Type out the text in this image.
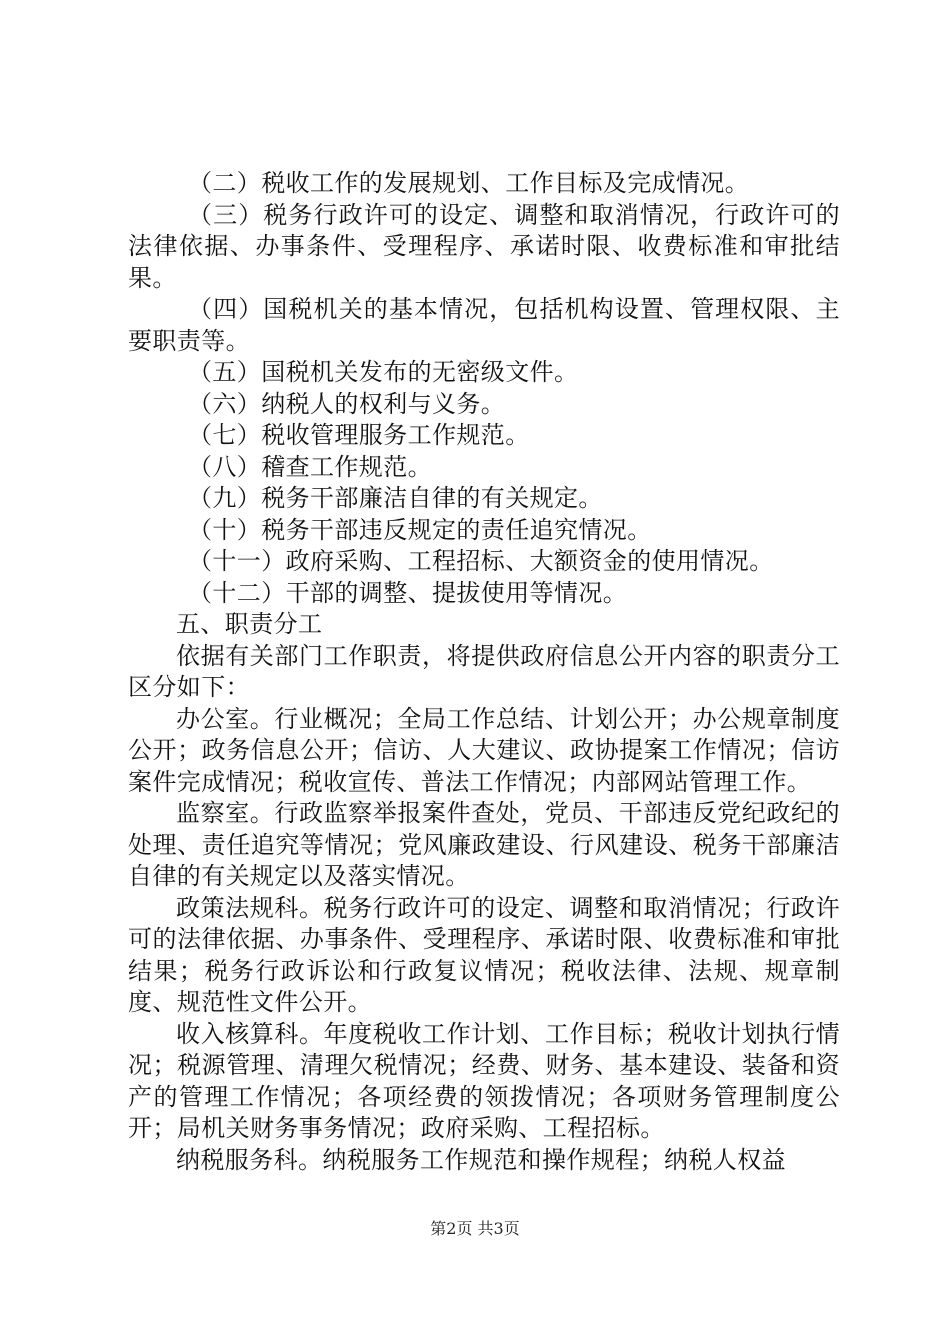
（二）税收工作的发展规划、工作目标及完成情况。

（三）税务行政许可的设定、调整和取消情况，行政许可的法律依据、办事条件、受理程序、承诺时限、收费标准和审批结果。

（四）国税机关的基本情况，包括机构设置、管理权限、主要职责等。

（五）国税机关发布的无密级文件。

（六）纳税人的权利与义务。

（七）税收管理服务工作规范。

（八）稽查工作规范。

（九）税务干部廉洁自律的有关规定。

（十）税务干部违反规定的责任追究情况。

（十一）政府采购、工程招标、大额资金的使用情况。

（十二）干部的调整、提拔使用等情况。

五、职责分工

依据有关部门工作职责，将提供政府信息公开内容的职责分工区分如下：

办公室。行业概况；全局工作总结、计划公开；办公规章制度公开；政务信息公开；信访、人大建议、政协提案工作情况；信访案件完成情况；税收宣传、普法工作情况；内部网站管理工作。

监察室。行政监察举报案件查处，党员、干部违反党纪政纪的处理、责任追究等情况；党风廉政建设、行风建设、税务干部廉洁自律的有关规定以及落实情况。

政策法规科。税务行政许可的设定、调整和取消情况；行政许可的法律依据、办事条件、受理程序、承诺时限、收费标准和审批结果；税务行政诉讼和行政复议情况；税收法律、法规、规章制度、规范性文件公开。

收入核算科。年度税收工作计划、工作目标；税收计划执行情况；税源管理、清理欠税情况；经费、财务、基本建设、装备和资产的管理工作情况；各项经费的领拨情况；各项财务管理制度公开；局机关财务事务情况；政府采购、工程招标。

纳税服务科。纳税服务工作规范和操作规程；纳税人权益

第2页 共3页
